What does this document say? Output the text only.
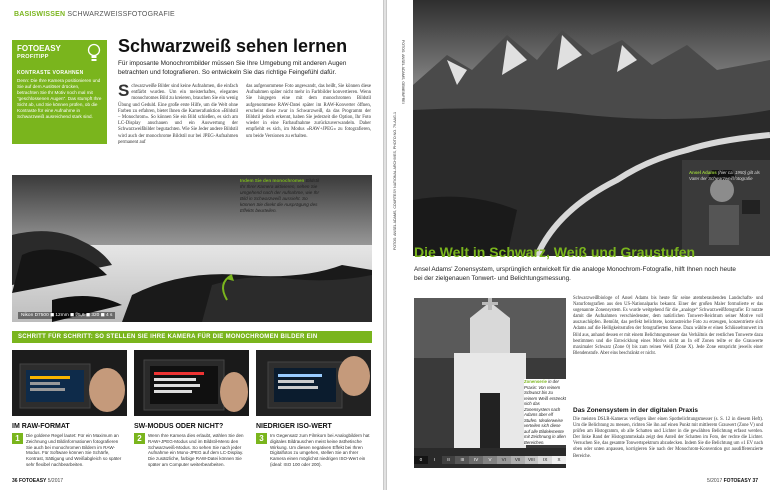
BASISWISSEN SCHWARZWEISSFOTOGRAFIE
FOTOEASY
PROFITIPP
KONTRASTE VORAHNEN
Denn: Die Ihre Kamera positionieren und Sie auf dem Auslöser drücken, betrachten Sie Ihr Motiv noch mal mit "geschlossenen Augen". Das stumpft Ihre Sicht ab, und Sie können prüfen, ob die Kontraste für eine Aufnahme in Schwarzweiß ausreichend stark sind.
Schwarzweiß sehen lernen
Für imposante Monochrombilder müssen Sie Ihre Umgebung mit anderen Augen betrachten und fotografieren. So entwickeln Sie das richtige Feingefühl dafür.
Schwarzweiße Bilder sind keine Aufnahmen, die einfach entfärbt wurden. Um ein meisterhaftes, elegantes monochromes Bild zu kreieren, brauchen Sie ein wenig Übung und Geduld. Eine große erste Hilfe, um die Welt ohne Farben zu erfahren, bietet Ihnen die Kamerafunktion »Bildstil – Monochrom«. So können Sie ein Bild schießen, es sich am LC-Display anschauen und ein Auswertung der Schwarzweißbilder begutachten. Wie Sie Jeder andere Bildstil wird auch der monochrome Bildstil nur bei JPEG-Aufnahmen permanent auf
das aufgenommene Foto angewandt, das heißt, Sie können diese Aufnahmen später nicht mehr in Farbbilder konvertieren. Wenn Sie hingegen eine mit dem monochromen Bildstil aufgenommene RAW-Datei später im RAW-Konverter öffnen, erscheint diese zwar in Schwarzweiß, da das Programm der Bildstil jedoch erkennt, haben Sie jederzeit die Option, Ihr Foto wieder in eine Farbaufnahme zurückzuverwandeln. Daher empfiehlt es sich, im Modus »RAW+JPEG« zu fotografieren, um beide Versionen zu erhalten.
Indem Sie den monochromen Bildstil Ihr Ihrer Kamera aktivieren, sehen Sie umgehend nach der Aufnahme, wie Ihr Bild in Schwarzweiß aussieht. So können Sie direkt die Ausprägung des Effekts beurteilen.
Nikon D7500 ◼ 12mm ◼ f/5,6 ◼ 320 ◼ 4 s
SCHRITT FÜR SCHRITT: SO STELLEN SIE IHRE KAMERA FÜR DIE MONOCHROMEN BILDER EIN
IM RAW-FORMAT
1	Die goldene Regel lautet: Für ein Maximum an Zeichnung und Bildinformationen fotografieren Sie auch bei monochromen Bildern im RAW-Modus. Für Software können Sie Schärfe, Kontrast, Sättigung und Weißabgleich so später sehr flexibel nachbearbeiten.
SW-MODUS ODER NICHT?
2	Wenn Ihre Kamera dies erlaubt, wählen Sie den RAW+JPEG-Modus und im Bildstil-Menü den Schwarzweiß-Modus. So sehen Sie nach jeder Aufnahme ein Mono-JPEG auf dem LC-Display. Die zusätzliche, farbige RAW-Datei können Sie später am Computer weiterbearbeiten.
NIEDRIGER ISO-WERT
3	Im Gegensatz zum Filmkorn bei Analogbildern hat digitales Bildrauschen meist keine ästhetische Wirkung. Um diesen negativen Effekt bei Ihren Digitalfotos zu umgehen, stellen Sie an Ihrer Kamera einen möglichst niedrigen ISO-Wert ein (ideal: ISO 100 oder 200).
36 FOTOEASY 5/2017
FOTOS: ANSEL ADAMS, COURTESY NATIONAL ARCHIVES, PHOTO NO. 79-AAG-1
FOTOS: ANSEL ADAMS, GEMEINFREI
Ansel Adams (hier ca. 1950) gilt als Vater der Schwarzweißfotografie
Die Welt in Schwarz, Weiß und Graustufen
Ansel Adams' Zonensystem, ursprünglich entwickelt für die analoge Monochrom-Fotografie, hilft Ihnen noch heute bei der zielgenauen Tonwert- und Belichtungsmessung.
0	I	II	III	IV	V	VI	VII	VIII	IX	X
Zonenserie in der Praxis: Von reinem Schwarz bis zu reinem Weiß erstreckt sich das Zonensystem nach Adams über elf Stufen. Idealerweise verteilen sich diese auf alle Bildelemente mit Zeichnung in allen Bereichen.
Schwarzweißbiologe of Ansel Adams bis heute für seine atemberaubenden Landschafts- und Naturfotografien aus den US-Nationalparks bekannt. Einer der großen Maler formulierte er das sogenannte Zonensystem. Es wurde weitgehend für die „analoge“ Schwarzweißfotografie: Er nutzte damit die Aufnahmen verschiedenster, dem natürlichen Tonwert-Reichtum seiner Motive voll auszuschöpfen. Bemüht, das perfekt belichtete, kontrastreiche Foto zu erzeugen, konzentrierte sich Adams auf die Helligkeitsstufen der fotografierten Szene. Dazu wählte er einen Schlüsseltonwert im Bild aus, anhand dessen er mit einem Belichtungsmesser das Verhältnis der restlichen Tonwerte dazu bestimmen und die Entwicklung eines Motivs nicht an In elf Zonen teilte er die Grauwerte maximaler Schwarz (Zone 0) bis zum reinen Weiß (Zone X). Jede Zone entspricht jeweils einer Blendenstufe. Aber eins beschränkt er nicht.
Das Zonensystem in der digitalen Praxis
Die meisten DSLR-Kameras verfügen über einen Spotbelichtungsmesser (s. S. 12 in diesem Heft). Um die Belichtung zu messen, richten Sie ihn auf einen Punkt mit mittlerem Grauwert (Zone V) und prüfen am Histogramm, ob alle Schatten und Lichter in die gewählten Belichtung erfasst werden. Der linke Rand der Histogrammskala zeigt den Anteil der Schatten im Foto, der rechte die Lichter. Versuchen Sie, das gesamte Tonwertspektrum abzudecken. Indem Sie die Belichtung um ±1 EV nach oben oder unten anpassen, korrigieren Sie nach der Monochrom-Konvention gut ausdifferenzierte Bereiche.
5/2017 FOTOEASY 37
